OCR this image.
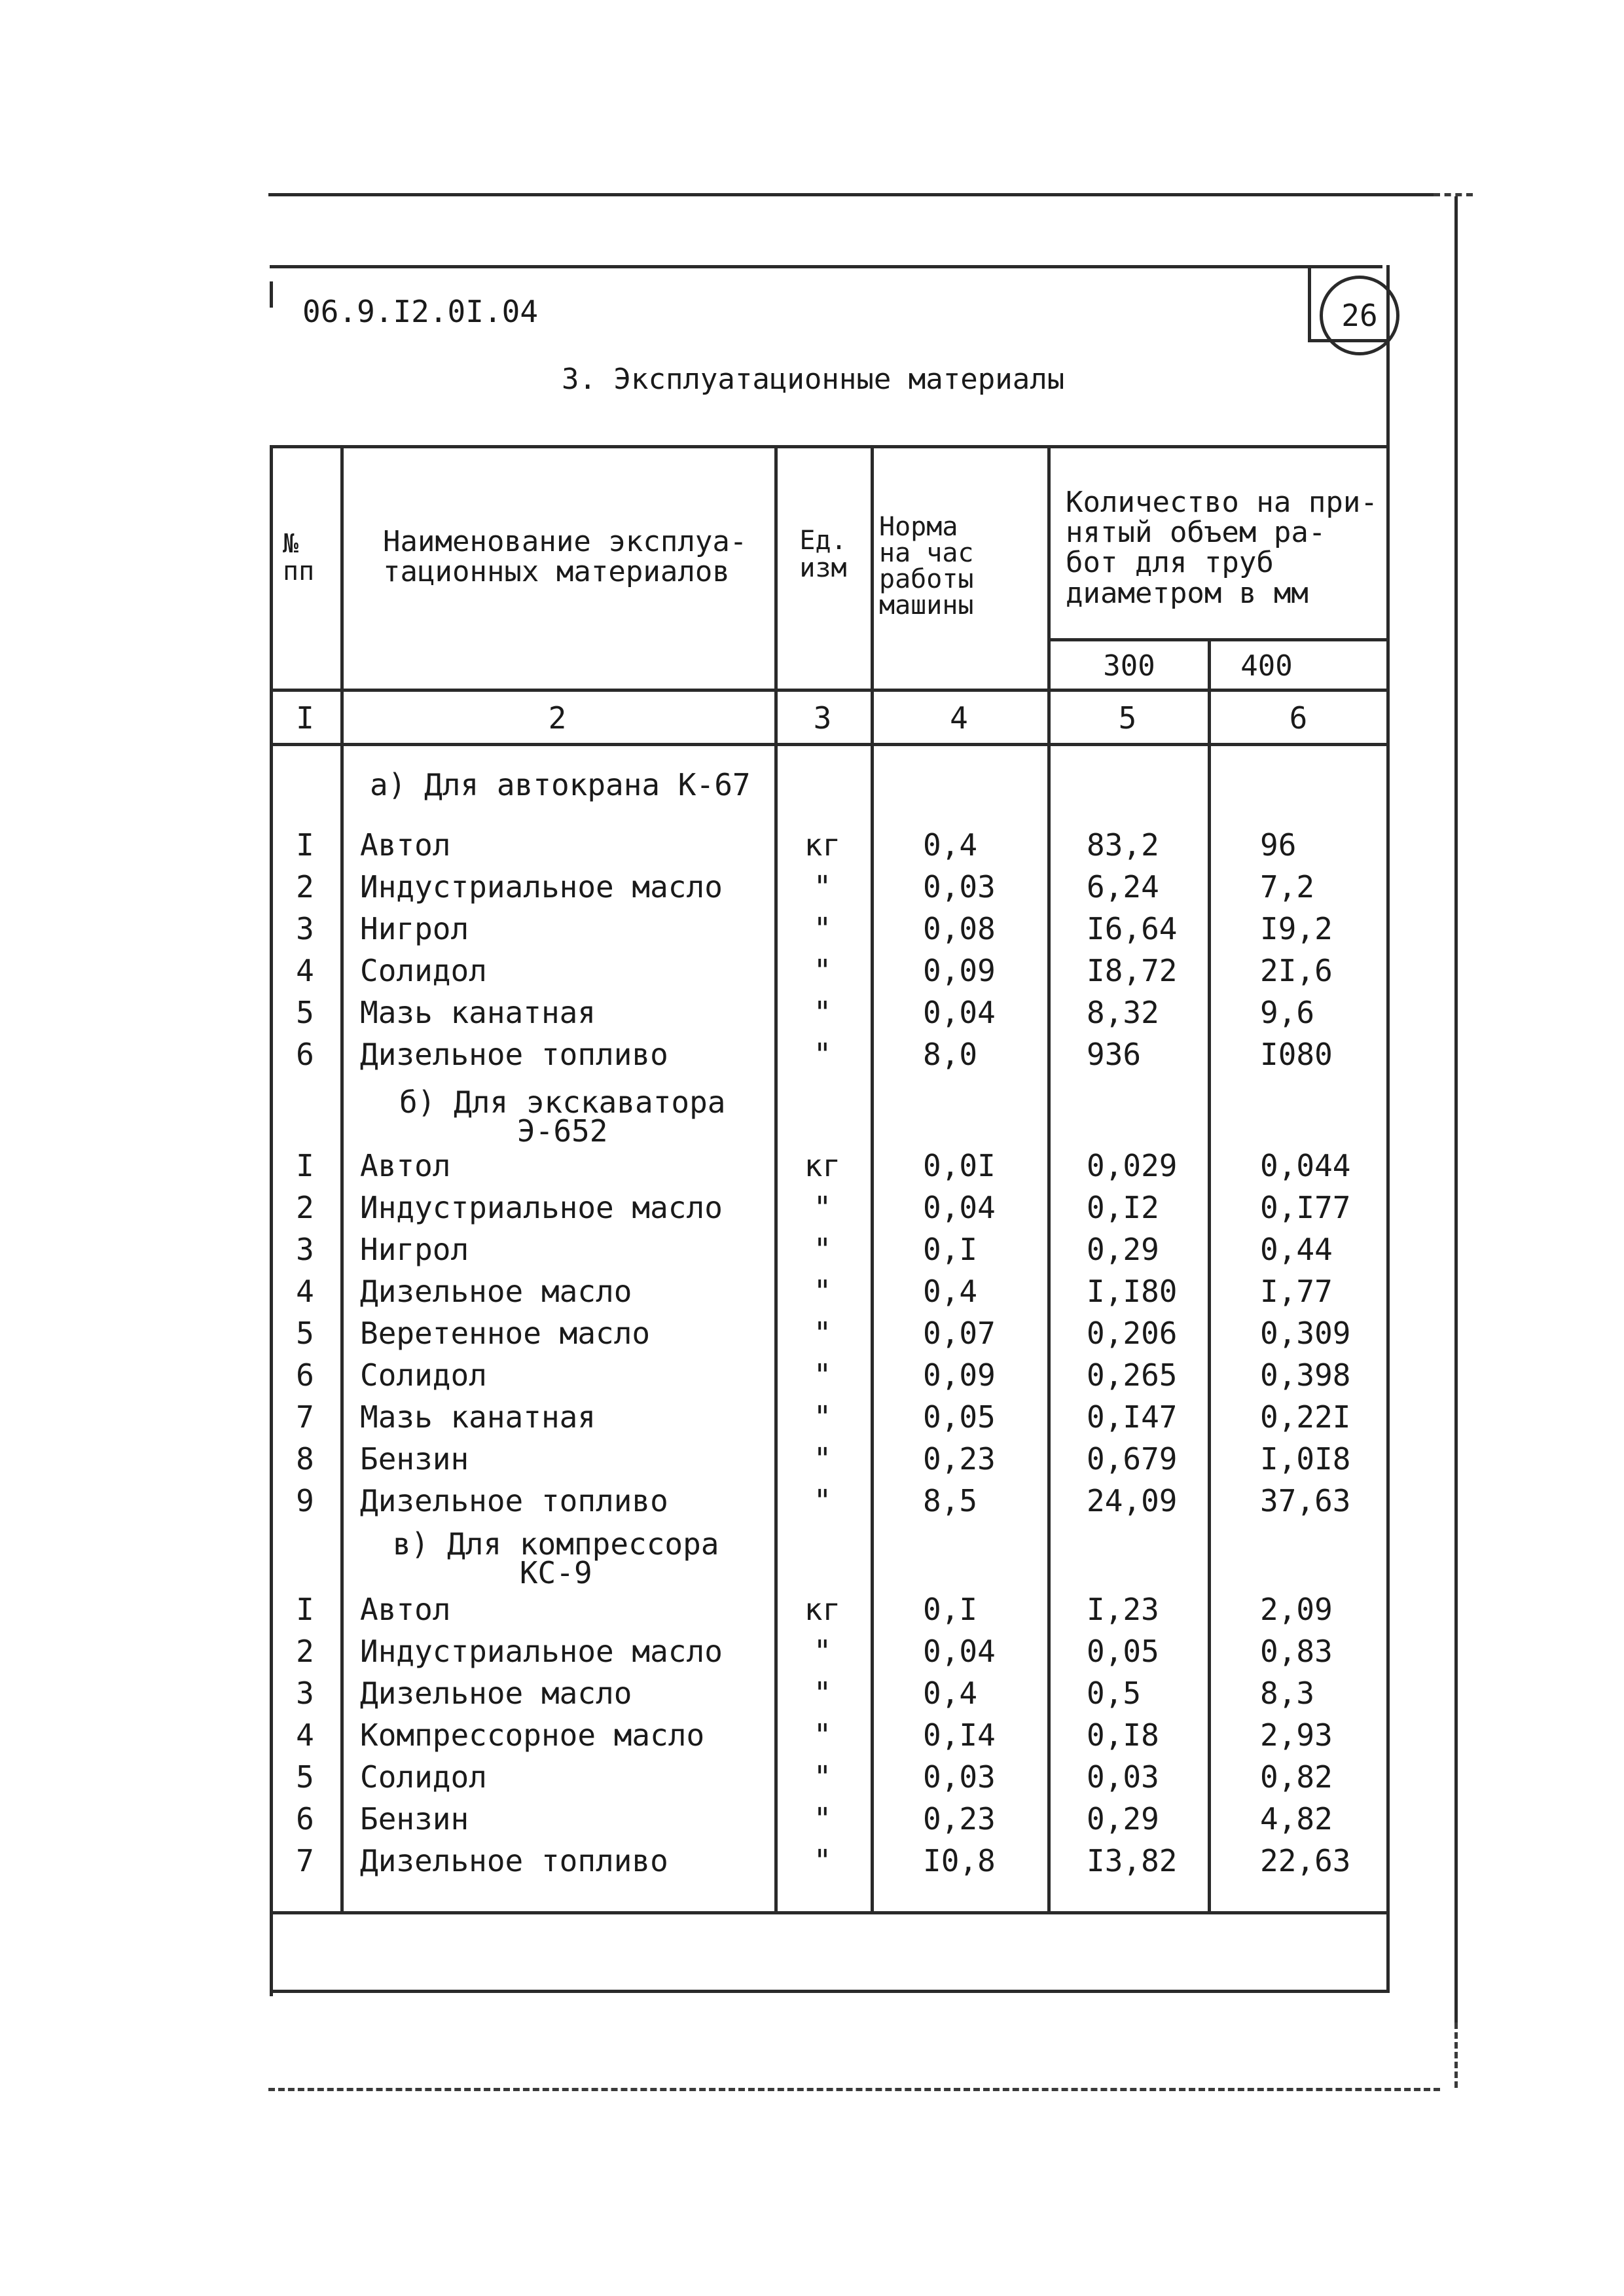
26
06.9.I2.0I.04
3. Эксплуатационные материалы
№
пп
Наименование эксплуа-
тационных материалов
Ед.
изм
Норма
на час
работы
машины
Количество на при-
нятый объем ра-
бот для труб
диаметром в мм
300	400
I	2	3	4	5	6
а) Для автокрана К-67
I	Автол	кг	0,4	83,2	96
2	Индустриальное масло	"	0,03	6,24	7,2
3	Нигрол	"	0,08	I6,64	I9,2
4	Солидол	"	0,09	I8,72	2I,6
5	Мазь канатная	"	0,04	8,32	9,6
6	Дизельное топливо	"	8,0	936	I080
б) Для экскаватора
Э-652
I	Автол	кг	0,0I	0,029	0,044
2	Индустриальное масло	"	0,04	0,I2	0,I77
3	Нигрол	"	0,I	0,29	0,44
4	Дизельное масло	"	0,4	I,I80	I,77
5	Веретенное масло	"	0,07	0,206	0,309
6	Солидол	"	0,09	0,265	0,398
7	Мазь канатная	"	0,05	0,I47	0,22I
8	Бензин	"	0,23	0,679	I,0I8
9	Дизельное топливо	"	8,5	24,09	37,63
в) Для компрессора
КС-9
I	Автол	кг	0,I	I,23	2,09
2	Индустриальное масло	"	0,04	0,05	0,83
3	Дизельное масло	"	0,4	0,5	8,3
4	Компрессорное масло	"	0,I4	0,I8	2,93
5	Солидол	"	0,03	0,03	0,82
6	Бензин	"	0,23	0,29	4,82
7	Дизельное топливо	"	I0,8	I3,82	22,63
